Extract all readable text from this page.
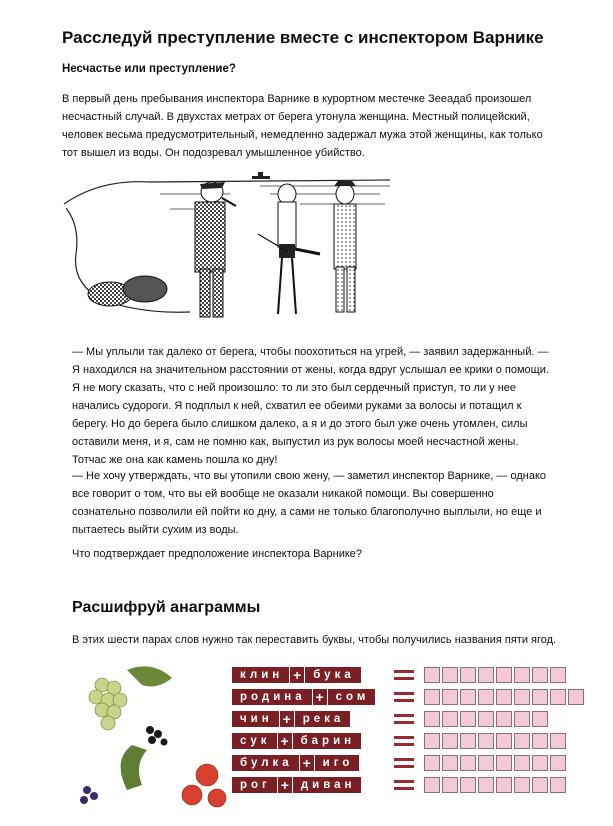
Расследуй преступление вместе с инспектором Варнике
Несчастье или преступление?

В первый день пребывания инспектора Варнике в курортном местечке Зеeадаб произошел несчастный случай. В двухстах метрах от берега утонула женщина. Местный полицейский, человек весьма предусмотрительный, немедленно задержал мужа этой женщины, как только тот вышел из воды. Он подозревал умышленное убийство.

— Мы уплыли так далеко от берега, чтобы поохотиться на угрей, — заявил задержанный. — Я находился на значительном расстоянии от жены, когда вдруг услышал ее крики о помощи. Я не могу сказать, что с ней произошло: то ли это был сердечный приступ, то ли у нее начались судороги. Я подплыл к ней, схватил ее обеими руками за волосы и потащил к берегу. Но до берега было слишком далеко, а я и до этого был уже очень утомлен, силы оставили меня, и я, сам не помню как, выпустил из рук волосы моей несчастной жены. Тотчас же она как камень пошла ко дну!

— Не хочу утверждать, что вы утопили свою жену, — заметил инспектор Варнике, — однако все говорит о том, что вы ей вообще не оказали никакой помощи. Вы совершенно сознательно позволили ей пойти ко дну, а сами не только благополучно выплыли, но еще и пытаетесь выйти сухим из воды.

Что подтверждает предположение инспектора Варнике?

Расшифруй анаграммы

В этих шести парах слов нужно так переставить буквы, чтобы получились названия пяти ягод.

клин +	бука
родина +	сом
чин +	река
сук +	барин
булка +	иго
рог +	диван
